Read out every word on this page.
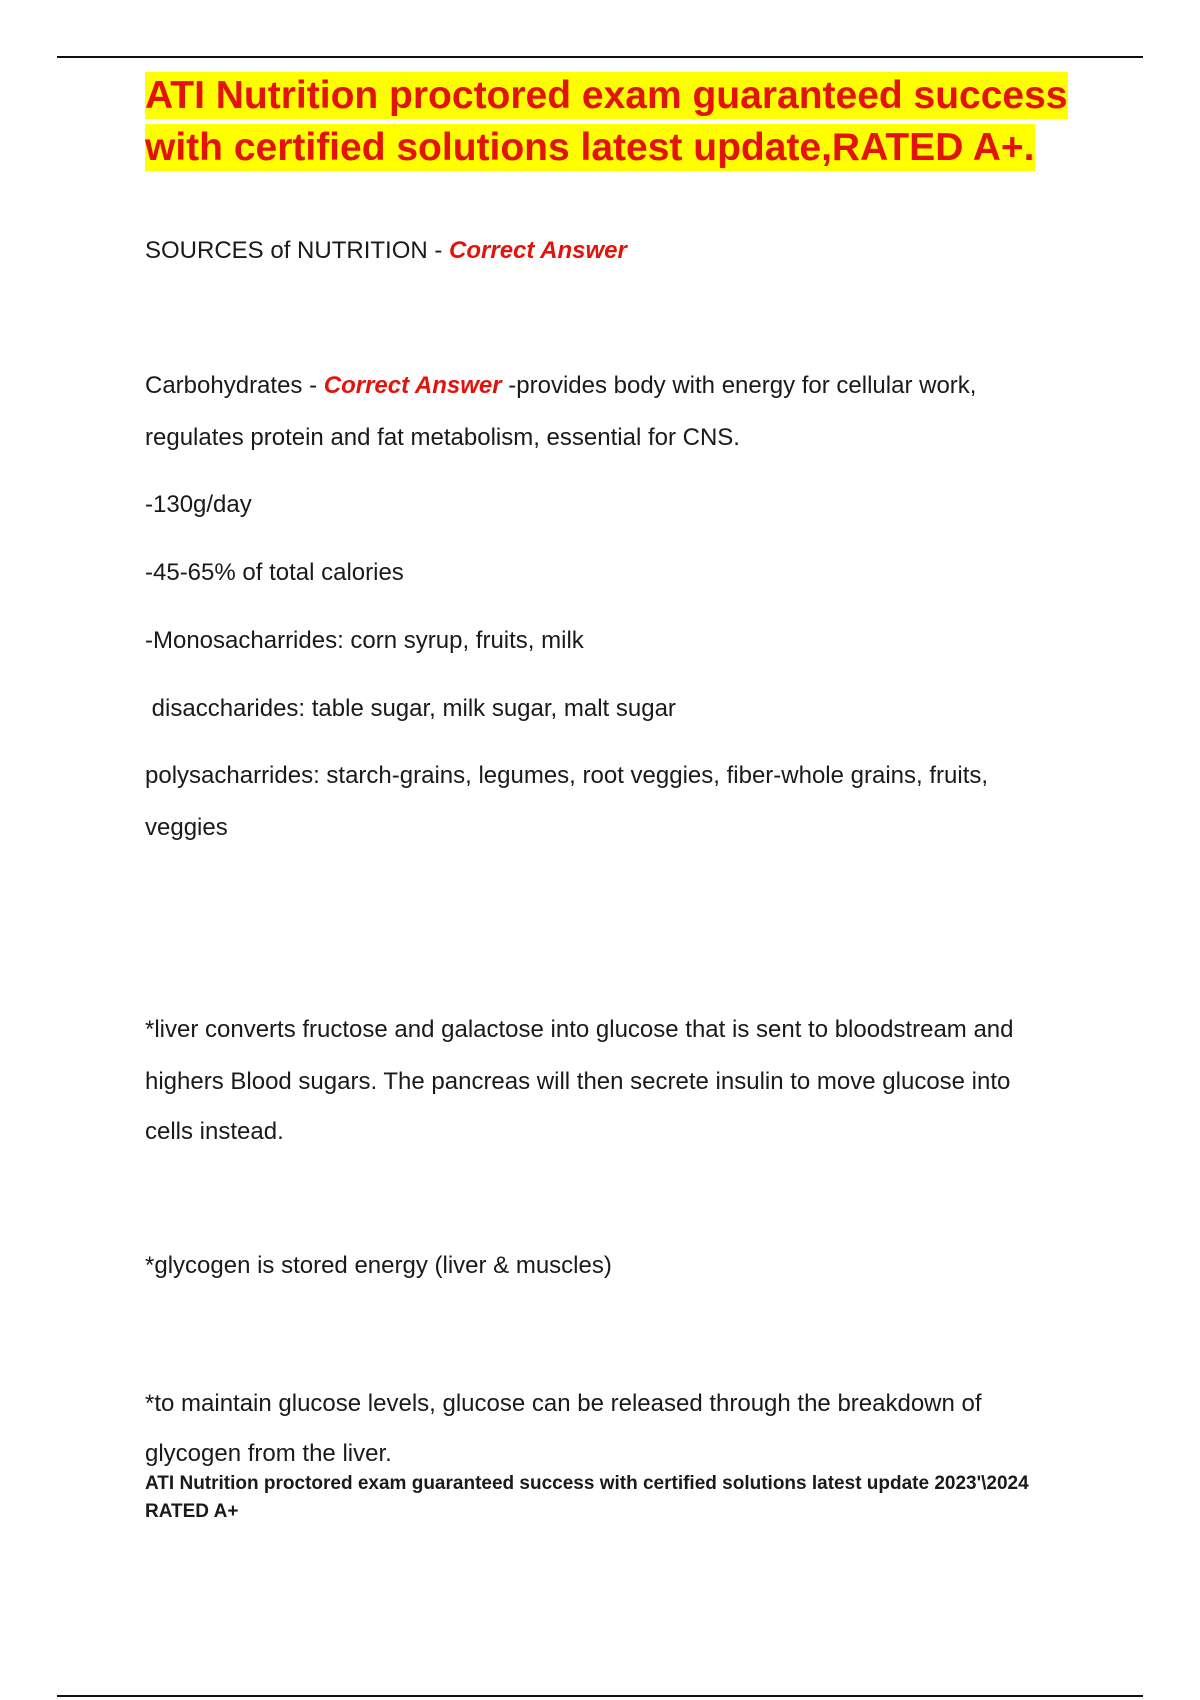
ATI Nutrition proctored exam guaranteed success with certified solutions latest update,RATED A+.

SOURCES of NUTRITION - Correct Answer

Carbohydrates - Correct Answer -provides body with energy for cellular work,

regulates protein and fat metabolism, essential for CNS.

-130g/day

-45-65% of total calories

-Monosacharrides: corn syrup, fruits, milk

disaccharides: table sugar, milk sugar, malt sugar

polysacharrides: starch-grains, legumes, root veggies, fiber-whole grains, fruits,

veggies

*liver converts fructose and galactose into glucose that is sent to bloodstream and

highers Blood sugars. The pancreas will then secrete insulin to move glucose into

cells instead.

*glycogen is stored energy (liver & muscles)

*to maintain glucose levels, glucose can be released through the breakdown of

glycogen from the liver.

ATI Nutrition proctored exam guaranteed success with certified solutions latest update 2023'\2024
RATED A+
